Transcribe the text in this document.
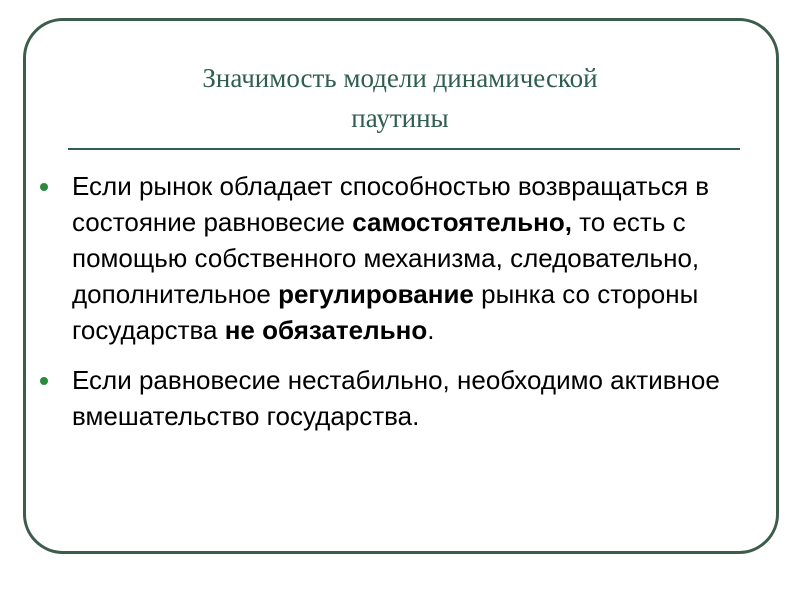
Значимость модели динамической
паутины
Если рынок обладает способностью возвращаться в состояние равновесие самостоятельно, то есть с помощью собственного механизма, следовательно, дополнительное регулирование рынка со стороны государства не обязательно.
Если равновесие нестабильно, необходимо активное вмешательство государства.
